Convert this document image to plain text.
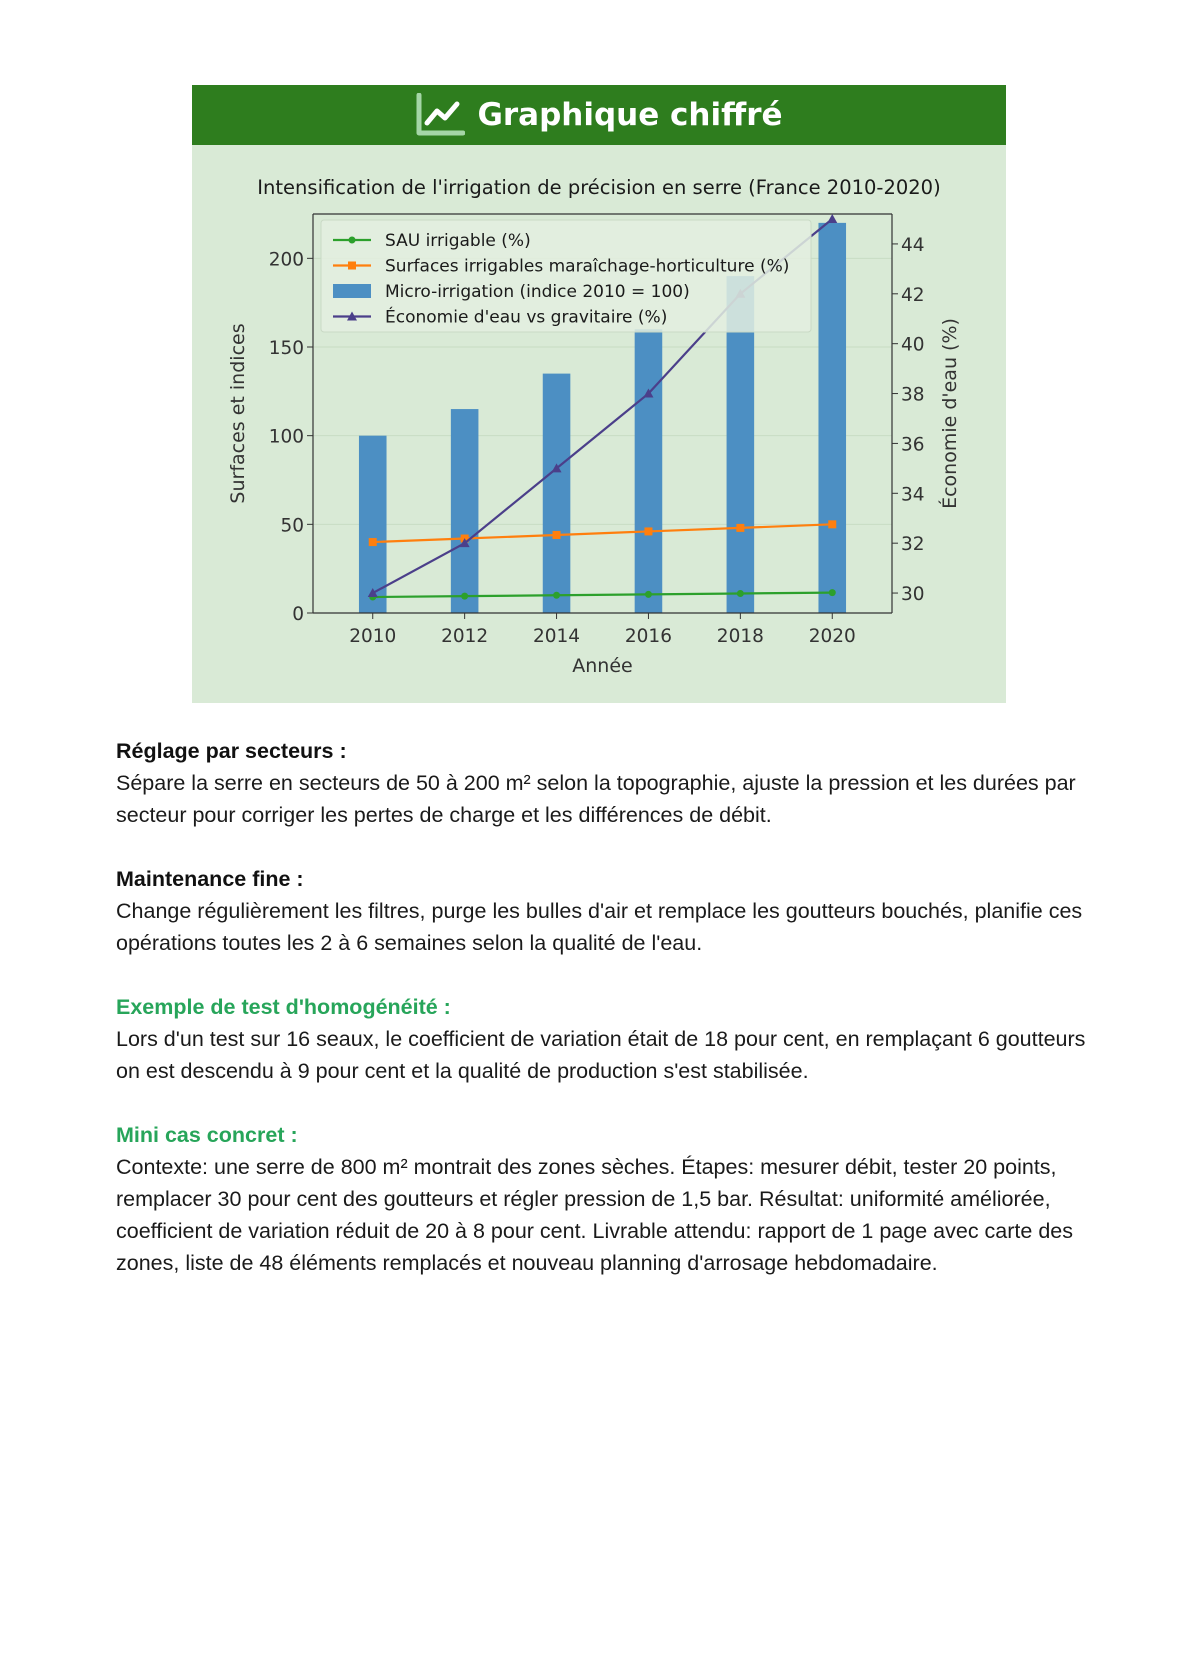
Graphique chiffré
Intensification de l'irrigation de précision en serre (France 2010-2020)
0
50
100
150
200
30
32
34
36
38
40
42
44
2010 2012 2014 2016 2018 2020
Année
Surfaces et indices	Économie d'eau (%)
SAU irrigable (%)
Surfaces irrigables maraîchage-horticulture (%)
Micro-irrigation (indice 2010 = 100)
Économie d'eau vs gravitaire (%)
Réglage par secteurs :
Sépare la serre en secteurs de 50 à 200 m² selon la topographie, ajuste la pression et les durées par secteur pour corriger les pertes de charge et les différences de débit.
Maintenance fine :
Change régulièrement les filtres, purge les bulles d'air et remplace les goutteurs bouchés, planifie ces opérations toutes les 2 à 6 semaines selon la qualité de l'eau.
Exemple de test d'homogénéité :
Lors d'un test sur 16 seaux, le coefficient de variation était de 18 pour cent, en remplaçant 6 goutteurs on est descendu à 9 pour cent et la qualité de production s'est stabilisée.
Mini cas concret :
Contexte: une serre de 800 m² montrait des zones sèches. Étapes: mesurer débit, tester 20 points, remplacer 30 pour cent des goutteurs et régler pression de 1,5 bar. Résultat: uniformité améliorée, coefficient de variation réduit de 20 à 8 pour cent. Livrable attendu: rapport de 1 page avec carte des zones, liste de 48 éléments remplacés et nouveau planning d'arrosage hebdomadaire.
